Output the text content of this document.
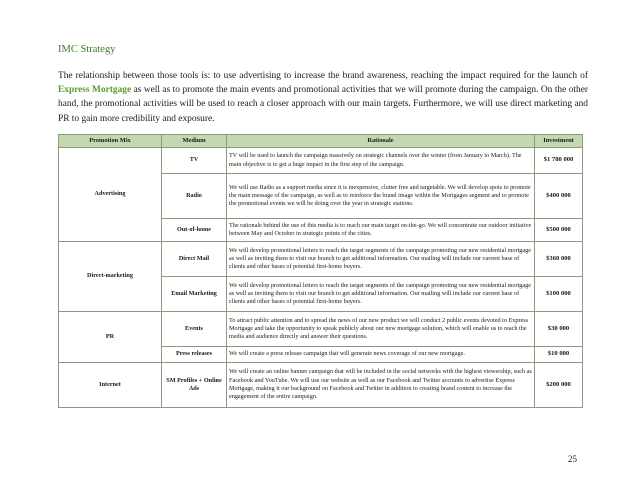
IMC Strategy
The relationship between those tools is: to use advertising to increase the brand awareness, reaching the impact required for the launch of Express Mortgage as well as to promote the main events and promotional activities that we will promote during the campaign. On the other hand, the promotional activities will be used to reach a closer approach with our main targets. Furthermore, we will use direct marketing and PR to gain more credibility and exposure.
Promotion Mix	Medium	Rationale	Investment
Advertising	TV	TV will be used to launch the campaign massively on strategic channels over the winter (from January to March). The main objective is to get a huge impact in the first step of the campaign.	$1 780 000
	Radio	We will use Radio as a support media since it is inexpensive, clutter free and targetable. We will develop spots to promote the main message of the campaign, as well as to reinforce the brand image within the Mortgages segment and to promote the promotional events we will be doing over the year in strategic stations.	$400 000
	Out-of-home	The rationale behind the use of this media is to reach our main target on-the-go. We will concentrate our outdoor initiative between May and October in strategic points of the cities.	$500 000
Direct-marketing	Direct Mail	We will develop promotional letters to reach the target segments of the campaign promoting our new residential mortgage as well as inviting them to visit our branch to get additional information. Our mailing will include our current base of clients and other bases of potential first-home buyers.	$360 000
	Email Marketing	We will develop promotional letters to reach the target segments of the campaign promoting our new residential mortgage as well as inviting them to visit our branch to get additional information. Our mailing will include our current base of clients and other bases of potential first-home buyers.	$100 000
PR	Events	To attract public attention and to spread the news of our new product we will conduct 2 public events devoted to Express Mortgage and take the opportunity to speak publicly about our new mortgage solution, which will enable us to reach the media and audience directly and answer their questions.	$30 000
	Press releases	We will create a press release campaign that will generate news coverage of our new mortgage.	$10 000
Internet	SM Profiles + Online Ads	We will create an online banner campaign that will be included in the social networks with the highest viewership, such as Facebook and YouTube. We will use our website as well as our Facebook and Twitter accounts to advertise Express Mortgage, making it our background on Facebook and Twitter in addition to creating brand content to increase the engagement of the entire campaign.	$200 000
25
